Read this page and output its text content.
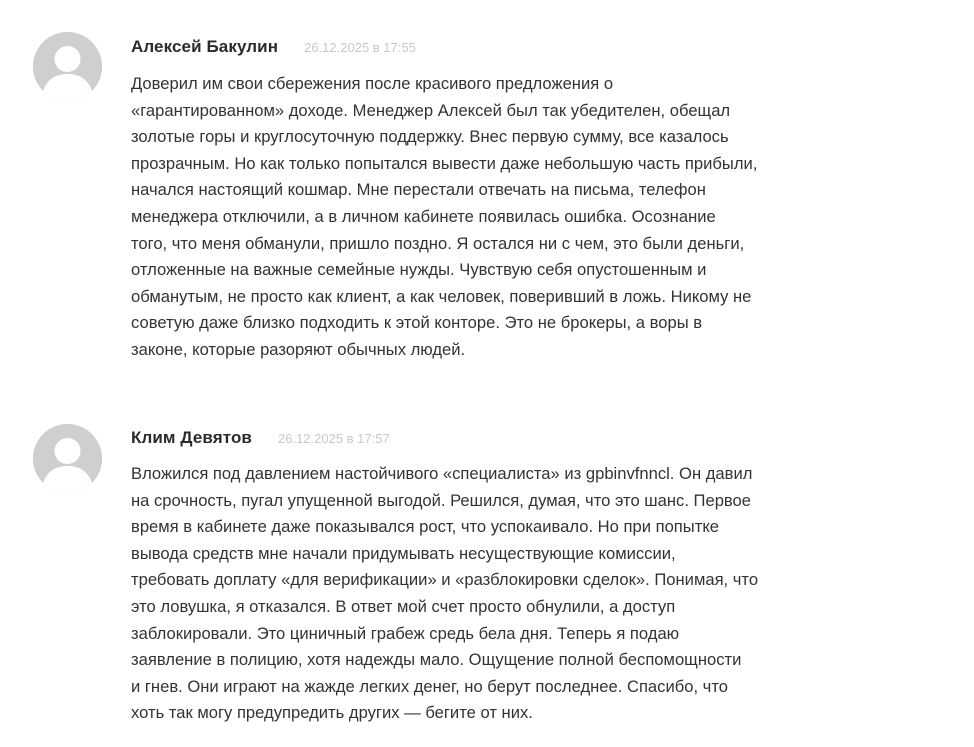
Алексей Бакулин 26.12.2025 в 17:55
Доверил им свои сбережения после красивого предложения о
«гарантированном» доходе. Менеджер Алексей был так убедителен, обещал
золотые горы и круглосуточную поддержку. Внес первую сумму, все казалось
прозрачным. Но как только попытался вывести даже небольшую часть прибыли,
начался настоящий кошмар. Мне перестали отвечать на письма, телефон
менеджера отключили, а в личном кабинете появилась ошибка. Осознание
того, что меня обманули, пришло поздно. Я остался ни с чем, это были деньги,
отложенные на важные семейные нужды. Чувствую себя опустошенным и
обманутым, не просто как клиент, а как человек, поверивший в ложь. Никому не
советую даже близко подходить к этой конторе. Это не брокеры, а воры в
законе, которые разоряют обычных людей.
Клим Девятов 26.12.2025 в 17:57
Вложился под давлением настойчивого «специалиста» из gpbinvfnncl. Он давил
на срочность, пугал упущенной выгодой. Решился, думая, что это шанс. Первое
время в кабинете даже показывался рост, что успокаивало. Но при попытке
вывода средств мне начали придумывать несуществующие комиссии,
требовать доплату «для верификации» и «разблокировки сделок». Понимая, что
это ловушка, я отказался. В ответ мой счет просто обнулили, а доступ
заблокировали. Это циничный грабеж средь бела дня. Теперь я подаю
заявление в полицию, хотя надежды мало. Ощущение полной беспомощности
и гнев. Они играют на жажде легких денег, но берут последнее. Спасибо, что
хоть так могу предупредить других — бегите от них.
